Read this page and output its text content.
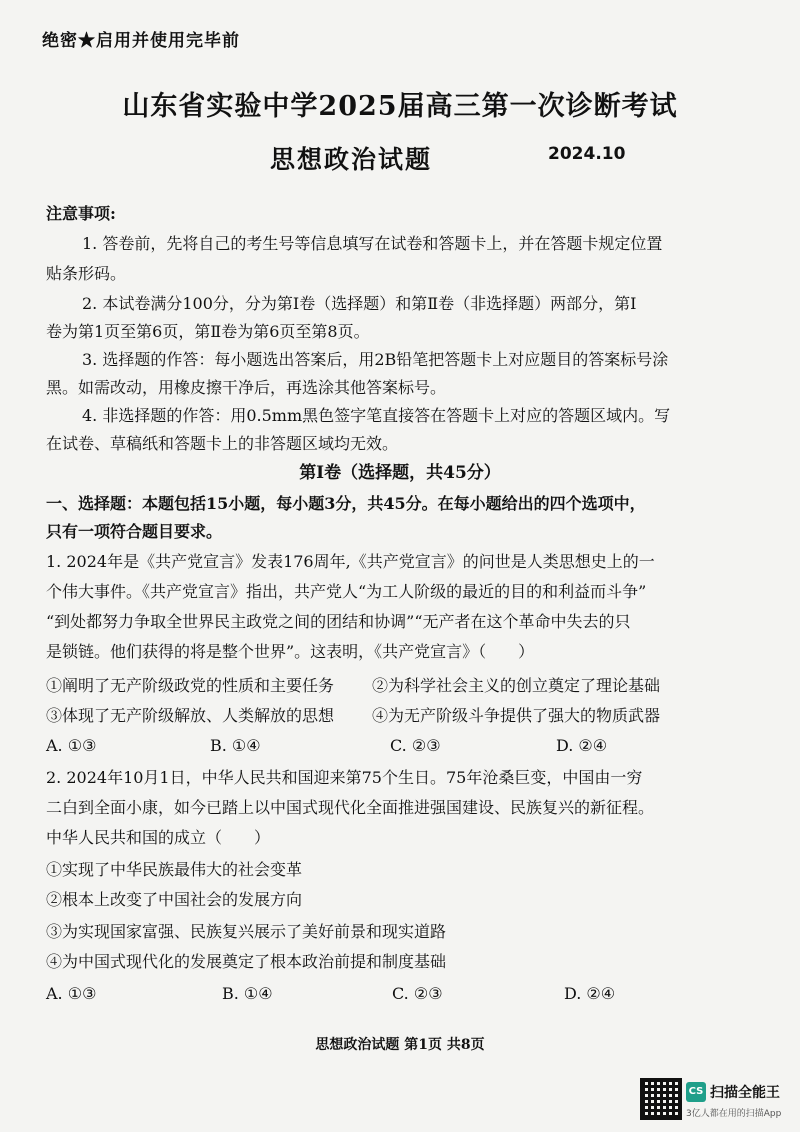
绝密★启用并使用完毕前
山东省实验中学2025届高三第一次诊断考试
思想政治试题	2024.10
注意事项:
1. 答卷前，先将自己的考生号等信息填写在试卷和答题卡上，并在答题卡规定位置
贴条形码。
2. 本试卷满分100分，分为第Ⅰ卷（选择题）和第Ⅱ卷（非选择题）两部分，第Ⅰ
卷为第1页至第6页，第Ⅱ卷为第6页至第8页。
3. 选择题的作答：每小题选出答案后，用2B铅笔把答题卡上对应题目的答案标号涂
黑。如需改动，用橡皮擦干净后，再选涂其他答案标号。
4. 非选择题的作答：用0.5mm黑色签字笔直接答在答题卡上对应的答题区域内。写
在试卷、草稿纸和答题卡上的非答题区域均无效。
第Ⅰ卷（选择题，共45分）
一、选择题：本题包括15小题，每小题3分，共45分。在每小题给出的四个选项中，
只有一项符合题目要求。
1. 2024年是《共产党宣言》发表176周年,《共产党宣言》的问世是人类思想史上的一
个伟大事件。《共产党宣言》指出，共产党人“为工人阶级的最近的目的和利益而斗争”
“到处都努力争取全世界民主政党之间的团结和协调”“无产者在这个革命中失去的只
是锁链。他们获得的将是整个世界”。这表明，《共产党宣言》（　　）
①阐明了无产阶级政党的性质和主要任务 ②为科学社会主义的创立奠定了理论基础
③体现了无产阶级解放、人类解放的思想 ④为无产阶级斗争提供了强大的物质武器
A. ①③	B. ①④	C. ②③	D. ②④
2. 2024年10月1日，中华人民共和国迎来第75个生日。75年沧桑巨变，中国由一穷
二白到全面小康，如今已踏上以中国式现代化全面推进强国建设、民族复兴的新征程。
中华人民共和国的成立（　　）
①实现了中华民族最伟大的社会变革
②根本上改变了中国社会的发展方向
③为实现国家富强、民族复兴展示了美好前景和现实道路
④为中国式现代化的发展奠定了根本政治前提和制度基础
A. ①③	B. ①④	C. ②③	D. ②④
思想政治试题 第1页 共8页
CS 扫描全能王
3亿人都在用的扫描App
